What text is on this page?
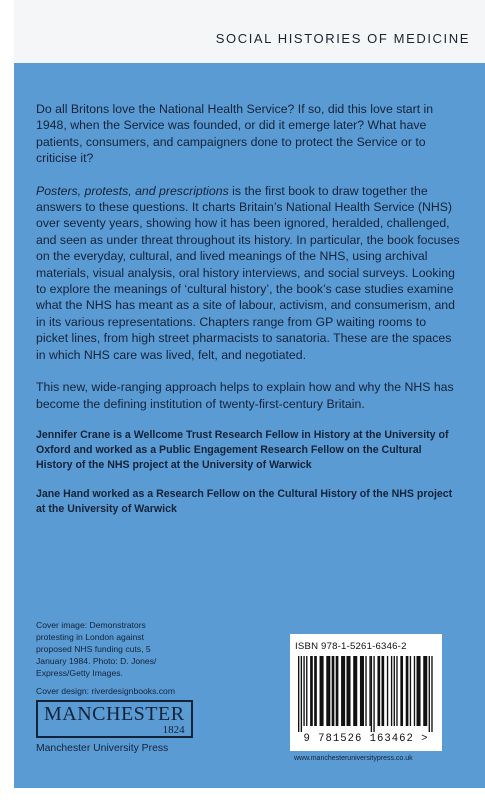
SOCIAL HISTORIES OF MEDICINE

Do all Britons love the National Health Service? If so, did this love start in 1948, when the Service was founded, or did it emerge later? What have patients, consumers, and campaigners done to protect the Service or to criticise it?

Posters, protests, and prescriptions is the first book to draw together the answers to these questions. It charts Britain’s National Health Service (NHS) over seventy years, showing how it has been ignored, heralded, challenged, and seen as under threat throughout its history. In particular, the book focuses on the everyday, cultural, and lived meanings of the NHS, using archival materials, visual analysis, oral history interviews, and social surveys. Looking to explore the meanings of ‘cultural history’, the book’s case studies examine what the NHS has meant as a site of labour, activism, and consumerism, and in its various representations. Chapters range from GP waiting rooms to picket lines, from high street pharmacists to sanatoria. These are the spaces in which NHS care was lived, felt, and negotiated.

This new, wide-ranging approach helps to explain how and why the NHS has become the defining institution of twenty-first-century Britain.

Jennifer Crane is a Wellcome Trust Research Fellow in History at the University of Oxford and worked as a Public Engagement Research Fellow on the Cultural History of the NHS project at the University of Warwick

Jane Hand worked as a Research Fellow on the Cultural History of the NHS project at the University of Warwick

Cover image: Demonstrators protesting in London against proposed NHS funding cuts, 5 January 1984. Photo: D. Jones/ Express/Getty Images.

Cover design: riverdesignbooks.com

MANCHESTER
1824
Manchester University Press
ISBN 978-1-5261-6346-2
9 781526 163462 >
www.manchesteruniversitypress.co.uk
